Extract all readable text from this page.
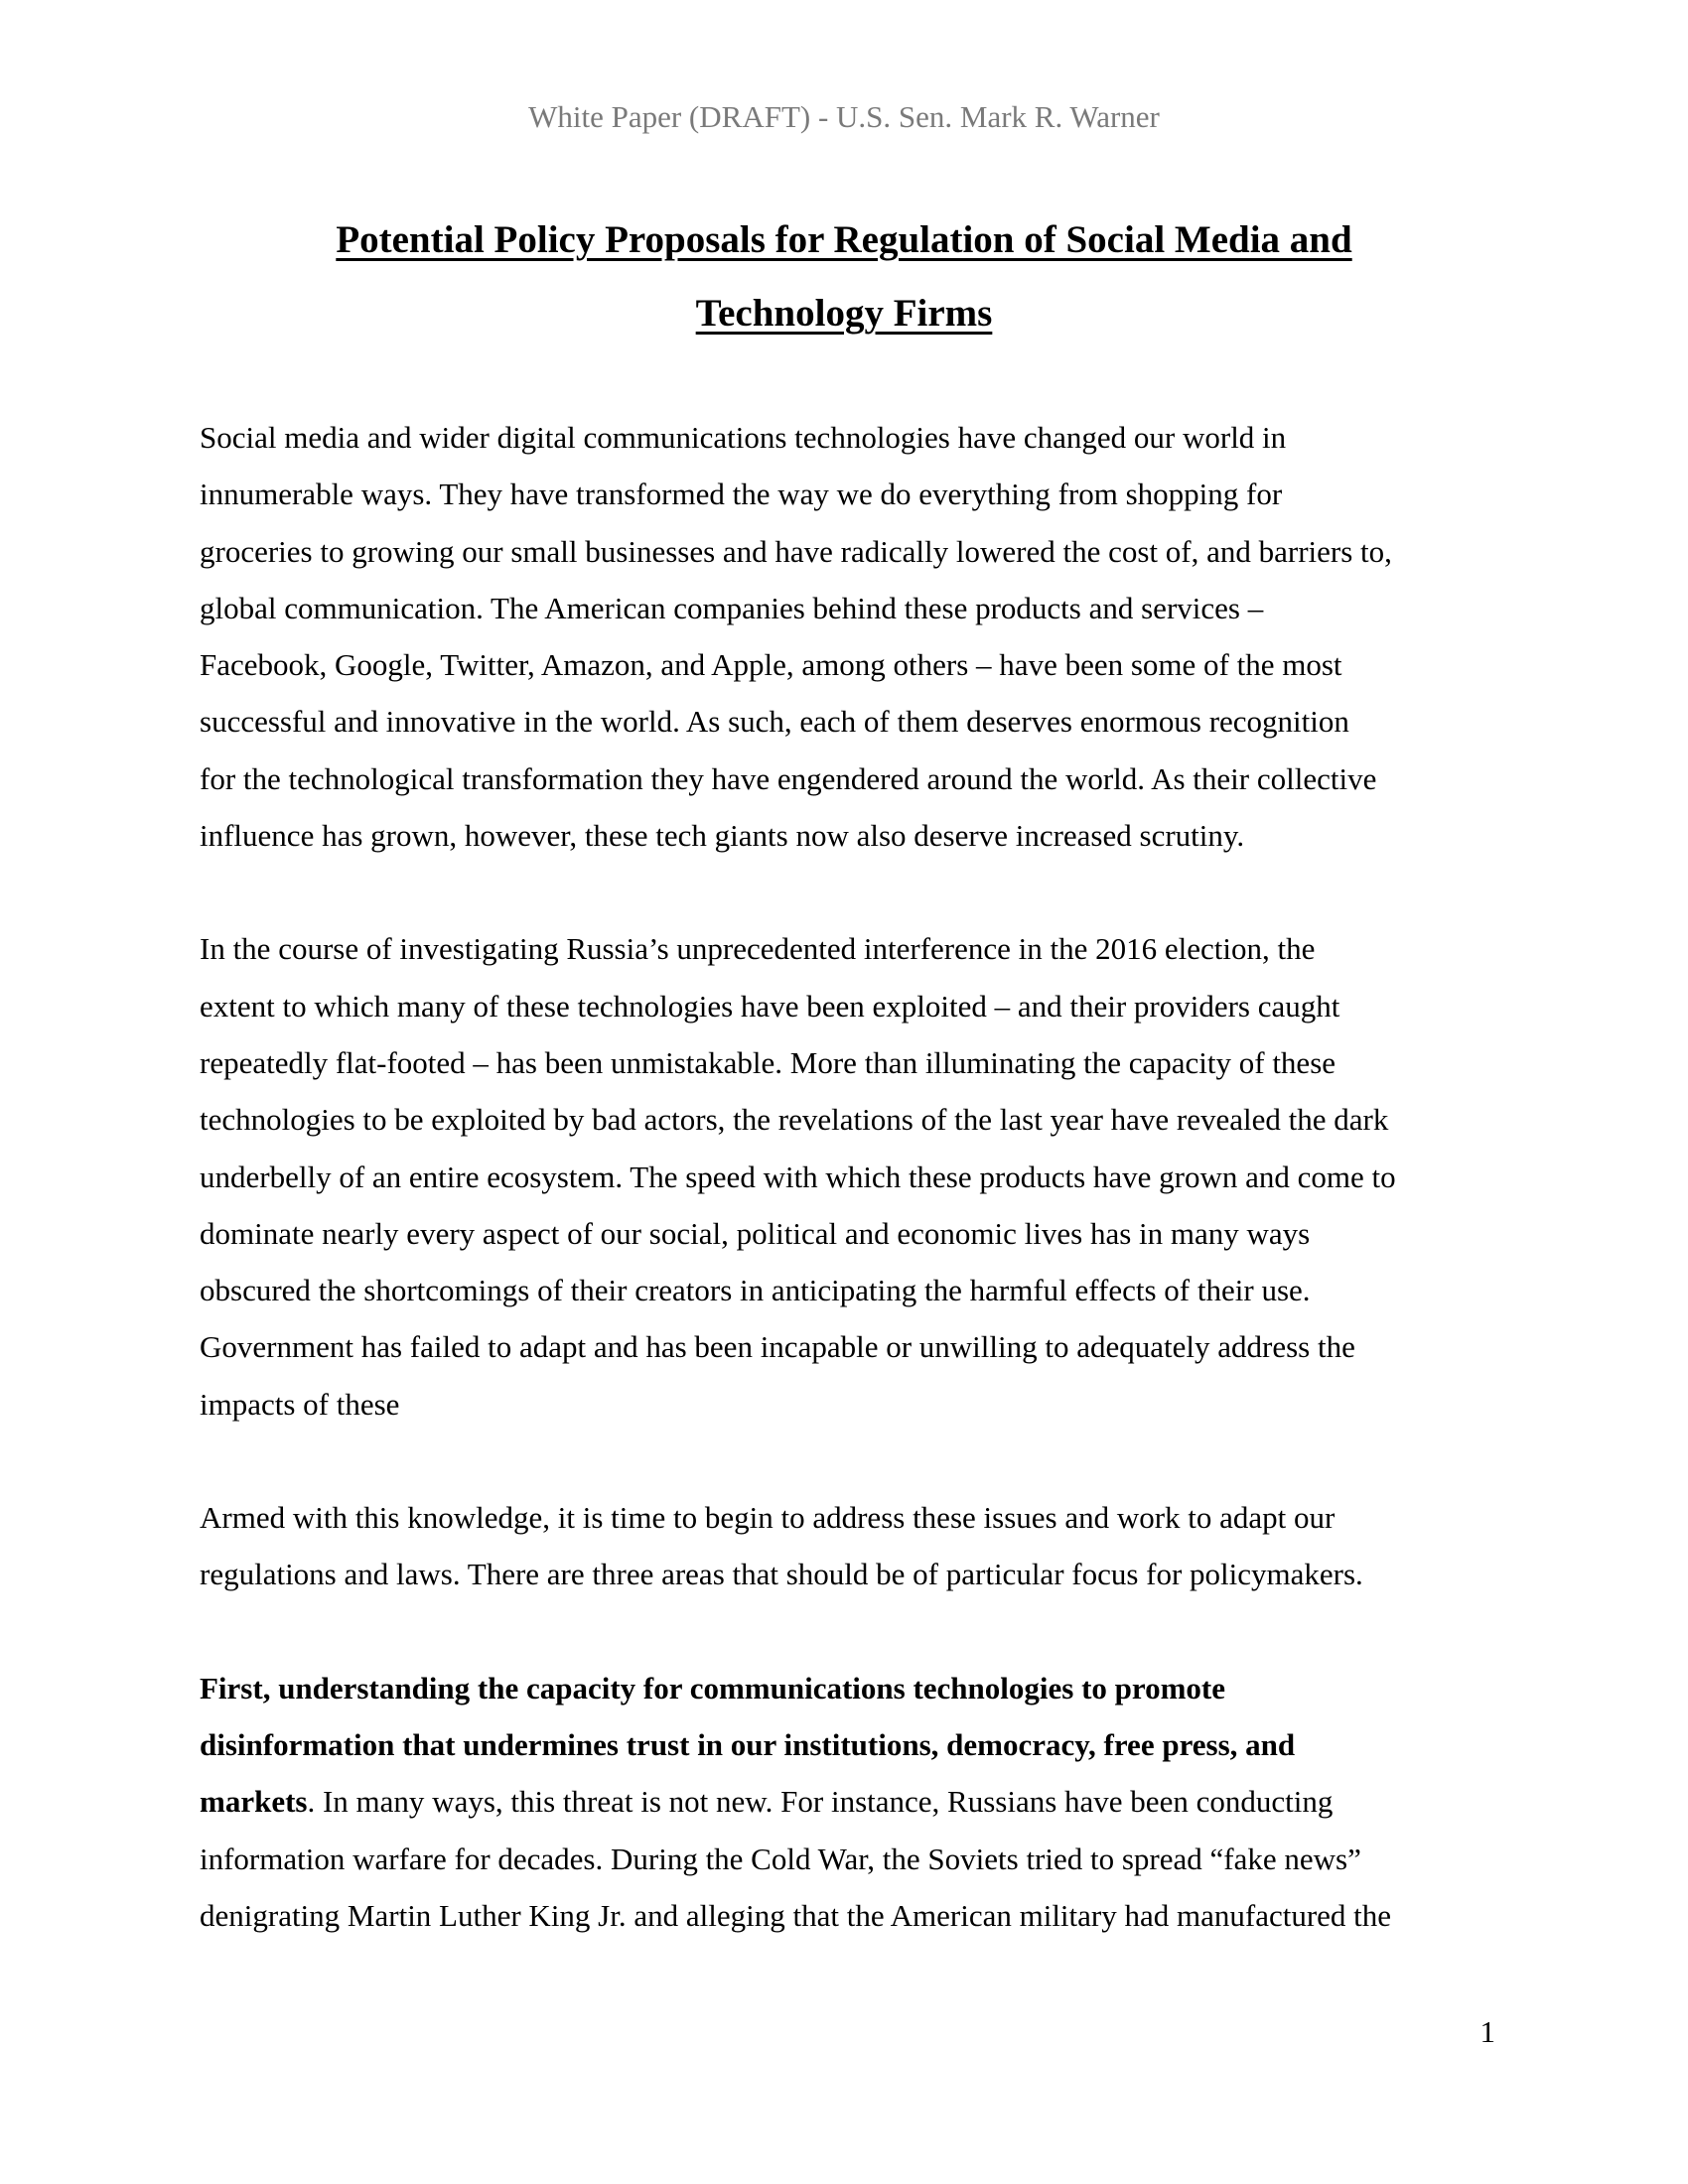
White Paper (DRAFT) - U.S. Sen. Mark R. Warner
Potential Policy Proposals for Regulation of Social Media and
Technology Firms

Social media and wider digital communications technologies have changed our world in
innumerable ways. They have transformed the way we do everything from shopping for
groceries to growing our small businesses and have radically lowered the cost of, and barriers to,
global communication. The American companies behind these products and services –
Facebook, Google, Twitter, Amazon, and Apple, among others – have been some of the most
successful and innovative in the world. As such, each of them deserves enormous recognition
for the technological transformation they have engendered around the world. As their collective
influence has grown, however, these tech giants now also deserve increased scrutiny.

In the course of investigating Russia’s unprecedented interference in the 2016 election, the
extent to which many of these technologies have been exploited – and their providers caught
repeatedly flat-footed – has been unmistakable. More than illuminating the capacity of these
technologies to be exploited by bad actors, the revelations of the last year have revealed the dark
underbelly of an entire ecosystem. The speed with which these products have grown and come to
dominate nearly every aspect of our social, political and economic lives has in many ways
obscured the shortcomings of their creators in anticipating the harmful effects of their use.
Government has failed to adapt and has been incapable or unwilling to adequately address the
impacts of these

Armed with this knowledge, it is time to begin to address these issues and work to adapt our
regulations and laws. There are three areas that should be of particular focus for policymakers.

First, understanding the capacity for communications technologies to promote
disinformation that undermines trust in our institutions, democracy, free press, and
markets. In many ways, this threat is not new. For instance, Russians have been conducting
information warfare for decades. During the Cold War, the Soviets tried to spread “fake news”
denigrating Martin Luther King Jr. and alleging that the American military had manufactured the

1
